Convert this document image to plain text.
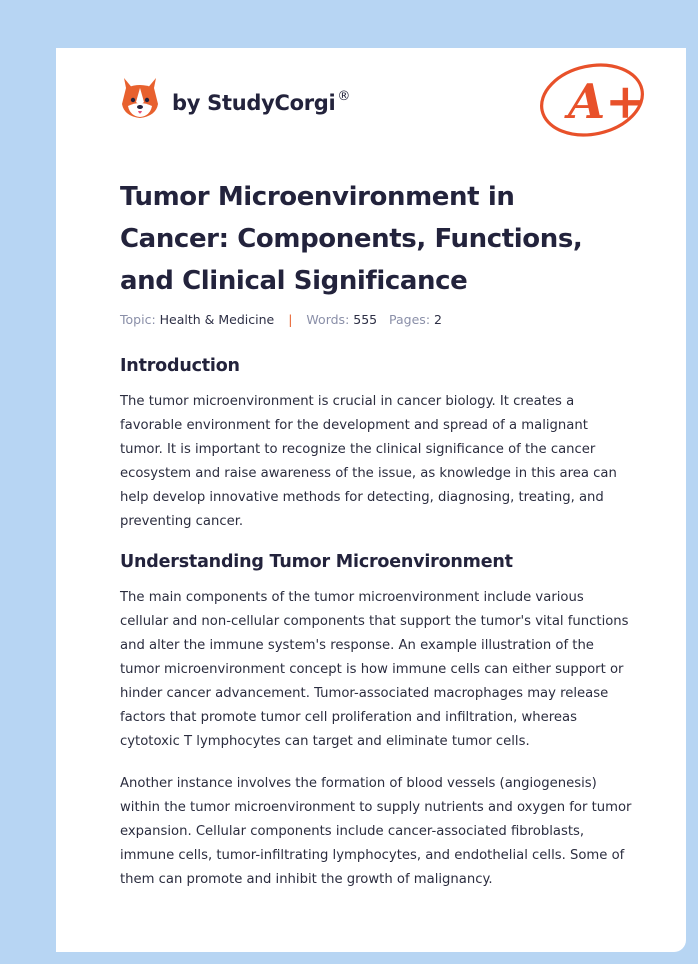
by StudyCorgi ®	A+
Tumor Microenvironment in Cancer: Components, Functions, and Clinical Significance
Topic: Health & Medicine | Words: 555 Pages: 2
Introduction

The tumor microenvironment is crucial in cancer biology. It creates a favorable environment for the development and spread of a malignant tumor. It is important to recognize the clinical significance of the cancer ecosystem and raise awareness of the issue, as knowledge in this area can help develop innovative methods for detecting, diagnosing, treating, and preventing cancer.

Understanding Tumor Microenvironment

The main components of the tumor microenvironment include various cellular and non-cellular components that support the tumor's vital functions and alter the immune system's response. An example illustration of the tumor microenvironment concept is how immune cells can either support or hinder cancer advancement. Tumor-associated macrophages may release factors that promote tumor cell proliferation and infiltration, whereas cytotoxic T lymphocytes can target and eliminate tumor cells.

Another instance involves the formation of blood vessels (angiogenesis) within the tumor microenvironment to supply nutrients and oxygen for tumor expansion. Cellular components include cancer-associated fibroblasts, immune cells, tumor-infiltrating lymphocytes, and endothelial cells. Some of them can promote and inhibit the growth of malignancy.
